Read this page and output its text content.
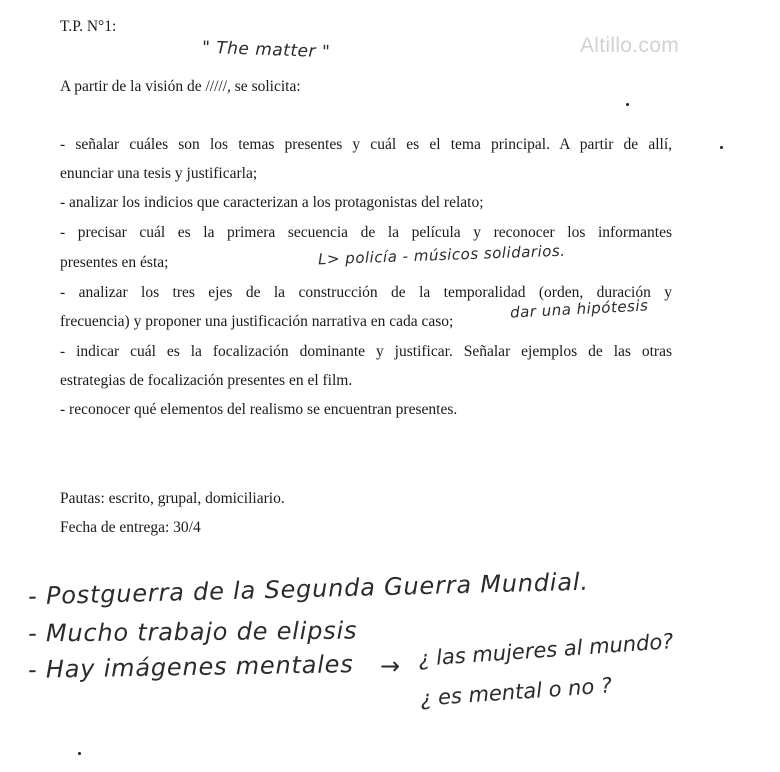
Altillo.com
T.P. N°1:
" The matter "
A partir de la visión de /////, se solicita:
- señalar cuáles son los temas presentes y cuál es el tema principal. A partir de allí,
enunciar una tesis y justificarla;
- analizar los indicios que caracterizan a los protagonistas del relato;
- precisar cuál es la primera secuencia de la película y reconocer los informantes
presentes en ésta;	L> policía - músicos solidarios.
- analizar los tres ejes de la construcción de la temporalidad (orden, duración y
frecuencia) y proponer una justificación narrativa en cada caso;	dar una hipótesis
- indicar cuál es la focalización dominante y justificar. Señalar ejemplos de las otras
estrategias de focalización presentes en el film.
- reconocer qué elementos del realismo se encuentran presentes.
Pautas: escrito, grupal, domiciliario.
Fecha de entrega: 30/4
- Postguerra de la Segunda Guerra Mundial.
- Mucho trabajo de elipsis
- Hay imágenes mentales → ¿ las mujeres al mundo?
¿ es mental o no ?
